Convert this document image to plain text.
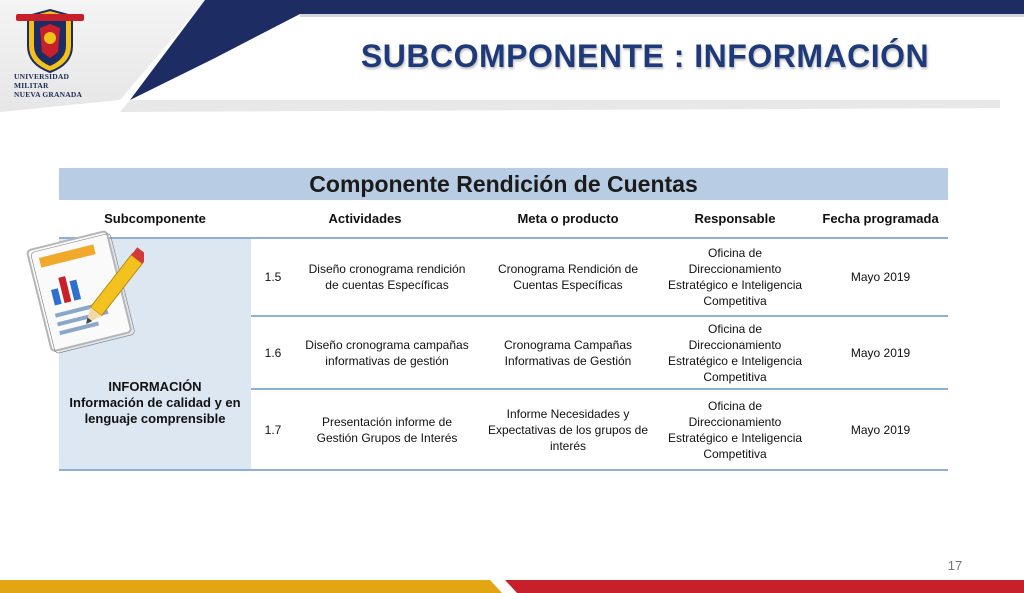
UNIVERSIDAD MILITAR
NUEVA GRANADA
SUBCOMPONENTE : INFORMACIÓN
Componente Rendición de Cuentas					
Subcomponente	Actividades		Meta o producto	Responsable	Fecha programada

INFORMACIÓN
Información de calidad y en lenguaje comprensible	1.5	Diseño cronograma rendición de cuentas Específicas	Cronograma Rendición de Cuentas Específicas	Oficina de Direccionamiento Estratégico e Inteligencia Competitiva	Mayo 2019
	1.6	Diseño cronograma campañas informativas de gestión	Cronograma Campañas Informativas de Gestión	Oficina de Direccionamiento Estratégico e Inteligencia Competitiva	Mayo 2019
	1.7	Presentación informe de Gestión Grupos de Interés	Informe Necesidades y Expectativas de los grupos de interés	Oficina de Direccionamiento Estratégico e Inteligencia Competitiva	Mayo 2019
17
